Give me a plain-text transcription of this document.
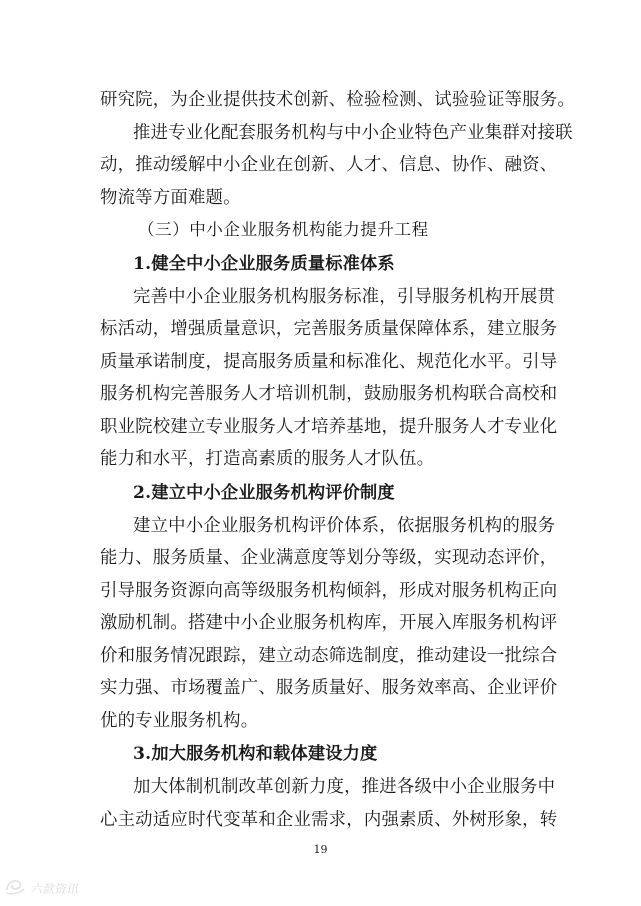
研究院，为企业提供技术创新、检验检测、试验验证等服务。
推进专业化配套服务机构与中小企业特色产业集群对接联
动，推动缓解中小企业在创新、人才、信息、协作、融资、
物流等方面难题。
（三）中小企业服务机构能力提升工程
1.健全中小企业服务质量标准体系
完善中小企业服务机构服务标准，引导服务机构开展贯
标活动，增强质量意识，完善服务质量保障体系，建立服务
质量承诺制度，提高服务质量和标准化、规范化水平。引导
服务机构完善服务人才培训机制，鼓励服务机构联合高校和
职业院校建立专业服务人才培养基地，提升服务人才专业化
能力和水平，打造高素质的服务人才队伍。
2.建立中小企业服务机构评价制度
建立中小企业服务机构评价体系，依据服务机构的服务
能力、服务质量、企业满意度等划分等级，实现动态评价，
引导服务资源向高等级服务机构倾斜，形成对服务机构正向
激励机制。搭建中小企业服务机构库，开展入库服务机构评
价和服务情况跟踪，建立动态筛选制度，推动建设一批综合
实力强、市场覆盖广、服务质量好、服务效率高、企业评价
优的专业服务机构。
3.加大服务机构和载体建设力度
加大体制机制改革创新力度，推进各级中小企业服务中
心主动适应时代变革和企业需求，内强素质、外树形象，转
19
六款资讯
